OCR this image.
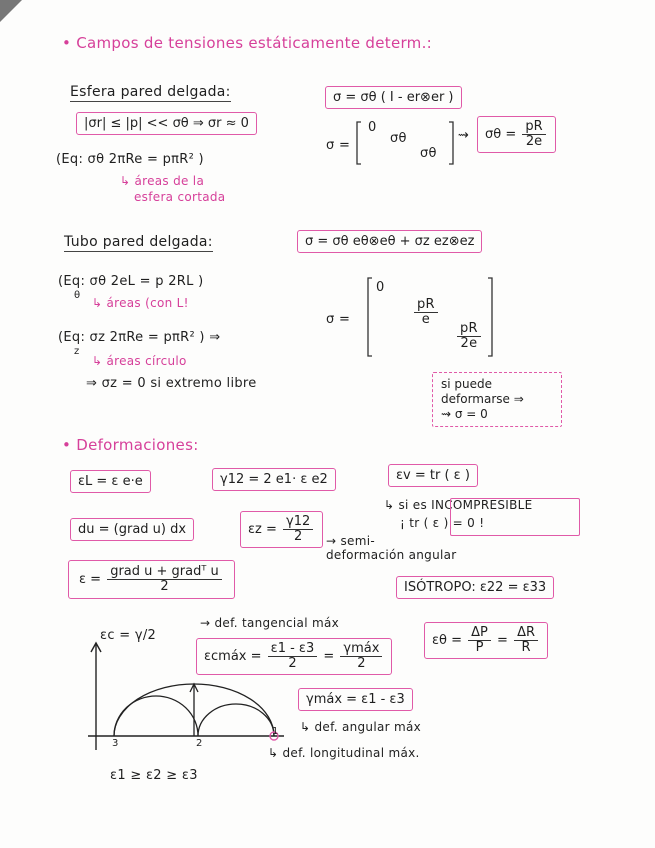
• Campos de tensiones estáticamente determ.:
Esfera pared delgada:	σ = σθ ( I - er⊗er )
|σr| ≤ |p| << σθ ⇒ σr ≈ 0
σ =
0
σθ
σθ
⇝	$\sigma\theta = \frac{pR}{2e}$
(Eq: σθ 2πRe = pπR² )
↳ áreas de la
esfera cortada
Tubo pared delgada:	σ = σθ eθ⊗eθ + σz ez⊗ez
(Eq: σθ 2eL = p 2RL )
θ
↳ áreas (con L!
σ =
0
$\frac{pR}{e}$
$\frac{pR}{2e}$
(Eq: σz 2πRe = pπR² ) ⇒
z
↳ áreas círculo
⇒ σz = 0 si extremo libre	si puede
deformarse ⇒
⇝ σ = 0
• Deformaciones:
εL = ε e·e	γ12 = 2 e1· ε e2	εv = tr ( ε )
↳ si es INCOMPRESIBLE
¡ tr ( ε ) = 0 !
du = (grad u) dx	$\varepsilon z = \frac{\gamma 12}{2}$ → semi-
deformación angular
$\varepsilon = \frac{\text{grad u + gradᵀ u}}{2}$	ISÓTROPO: ε22 = ε33
$\varepsilon\theta = \frac{\Delta P}{P} = \frac{\Delta R}{R}$
εc = γ/2
→ def. tangencial máx
εcmáx = $\frac{\varepsilon 1 - \varepsilon 3}{2} = \frac{\text{γmáx}}{2}$
3	2
1
γmáx = ε1 - ε3
↳ def. angular máx
↳ def. longitudinal máx.
ε1 ≥ ε2 ≥ ε3
